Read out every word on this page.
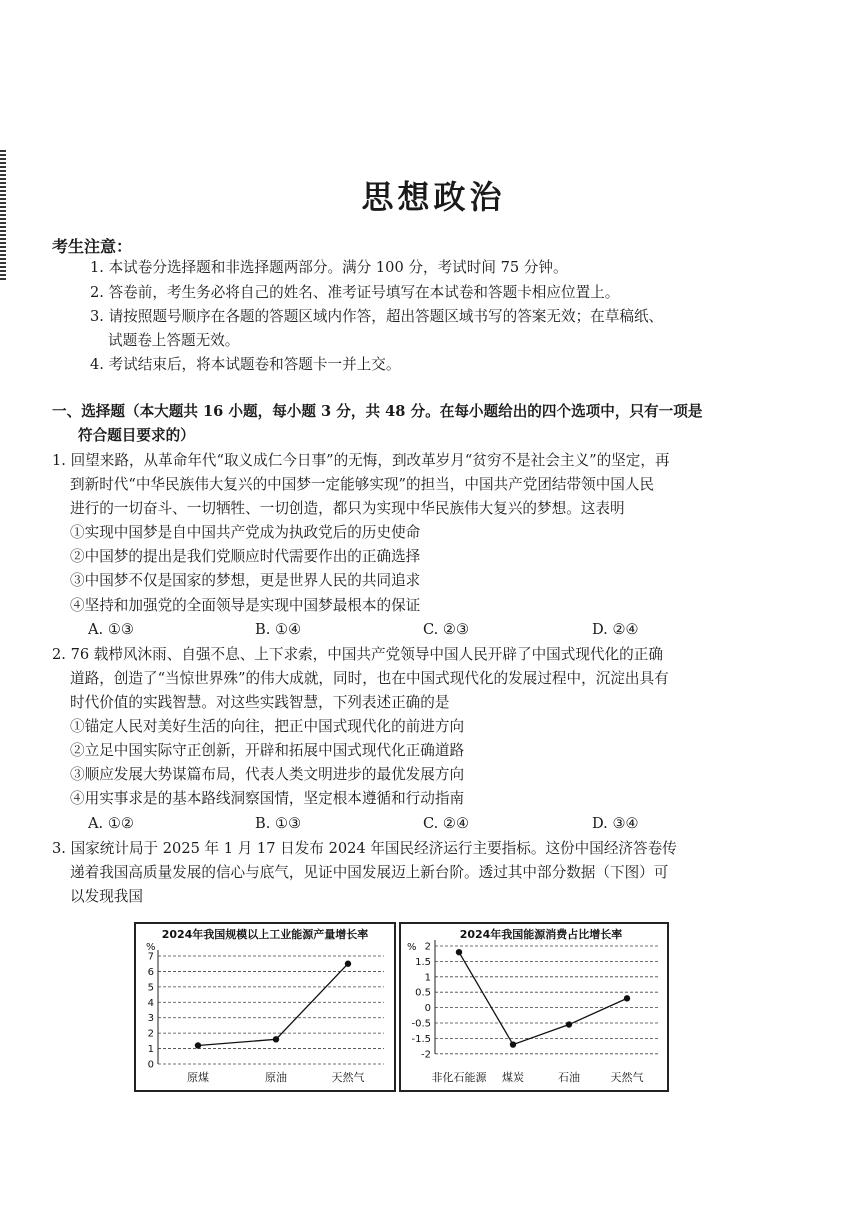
思想政治
考生注意：
1. 本试卷分选择题和非选择题两部分。满分 100 分，考试时间 75 分钟。
2. 答卷前，考生务必将自己的姓名、准考证号填写在本试卷和答题卡相应位置上。
3. 请按照题号顺序在各题的答题区域内作答，超出答题区域书写的答案无效；在草稿纸、
试题卷上答题无效。
4. 考试结束后，将本试题卷和答题卡一并上交。
一、选择题（本大题共 16 小题，每小题 3 分，共 48 分。在每小题给出的四个选项中，只有一项是
符合题目要求的）
1. 回望来路，从革命年代“取义成仁今日事”的无悔，到改革岁月“贫穷不是社会主义”的坚定，再
到新时代“中华民族伟大复兴的中国梦一定能够实现”的担当，中国共产党团结带领中国人民
进行的一切奋斗、一切牺牲、一切创造，都只为实现中华民族伟大复兴的梦想。这表明
①实现中国梦是自中国共产党成为执政党后的历史使命
②中国梦的提出是我们党顺应时代需要作出的正确选择
③中国梦不仅是国家的梦想，更是世界人民的共同追求
④坚持和加强党的全面领导是实现中国梦最根本的保证
A. ①③	B. ①④	C. ②③	D. ②④
2. 76 载栉风沐雨、自强不息、上下求索，中国共产党领导中国人民开辟了中国式现代化的正确
道路，创造了“当惊世界殊”的伟大成就，同时，也在中国式现代化的发展过程中，沉淀出具有
时代价值的实践智慧。对这些实践智慧，下列表述正确的是
①锚定人民对美好生活的向往，把正中国式现代化的前进方向
②立足中国实际守正创新，开辟和拓展中国式现代化正确道路
③顺应发展大势谋篇布局，代表人类文明进步的最优发展方向
④用实事求是的基本路线洞察国情，坚定根本遵循和行动指南
A. ①②	B. ①③	C. ②④	D. ③④
3. 国家统计局于 2025 年 1 月 17 日发布 2024 年国民经济运行主要指标。这份中国经济答卷传
递着我国高质量发展的信心与底气，见证中国发展迈上新台阶。透过其中部分数据（下图）可
以发现我国
2024年我国规模以上工业能源产量增长率
%
0
1
2
3
4
5
6
7
原煤	原油	天然气
2024年我国能源消费占比增长率
% 2
1.5
1
0.5
0
-0.5
-1.5
-2
非化石能源 煤炭	石油	天然气
